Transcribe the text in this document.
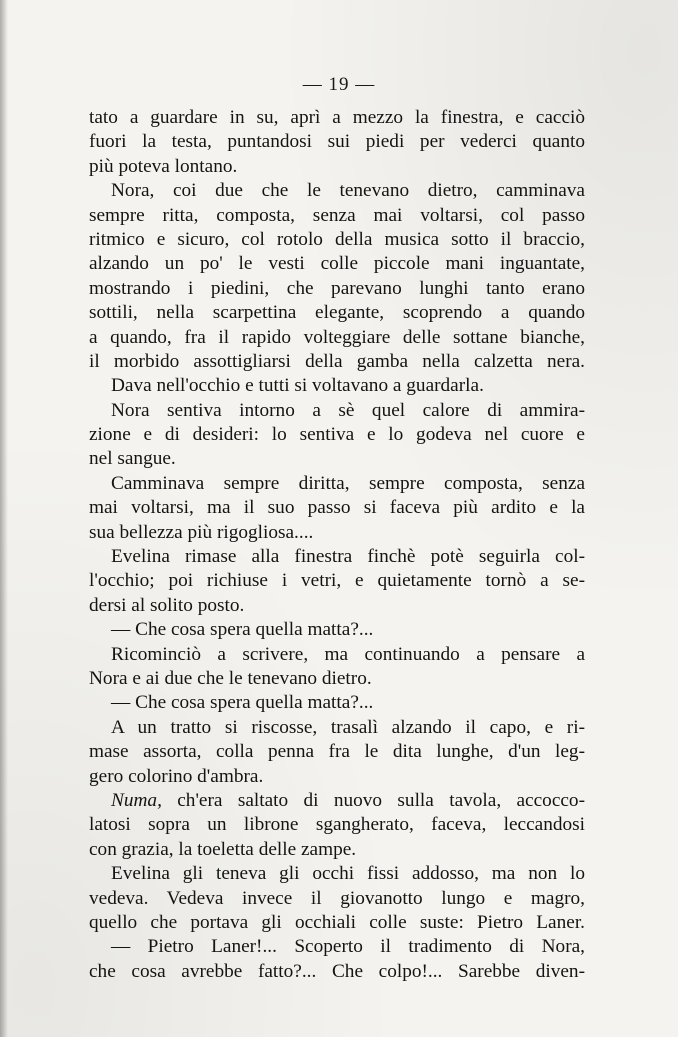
— 19 —
tato a guardare in su, aprì a mezzo la finestra, e cacciò
fuori la testa, puntandosi sui piedi per vederci quanto
più poteva lontano.
Nora, coi due che le tenevano dietro, camminava
sempre ritta, composta, senza mai voltarsi, col passo
ritmico e sicuro, col rotolo della musica sotto il braccio,
alzando un po' le vesti colle piccole mani inguantate,
mostrando i piedini, che parevano lunghi tanto erano
sottili, nella scarpettina elegante, scoprendo a quando
a quando, fra il rapido volteggiare delle sottane bianche,
il morbido assottigliarsi della gamba nella calzetta nera.
Dava nell'occhio e tutti si voltavano a guardarla.
Nora sentiva intorno a sè quel calore di ammira-
zione e di desideri: lo sentiva e lo godeva nel cuore e
nel sangue.
Camminava sempre diritta, sempre composta, senza
mai voltarsi, ma il suo passo si faceva più ardito e la
sua bellezza più rigogliosa....
Evelina rimase alla finestra finchè potè seguirla col-
l'occhio; poi richiuse i vetri, e quietamente tornò a se-
dersi al solito posto.
— Che cosa spera quella matta?...
Ricominciò a scrivere, ma continuando a pensare a
Nora e ai due che le tenevano dietro.
— Che cosa spera quella matta?...
A un tratto si riscosse, trasalì alzando il capo, e ri-
mase assorta, colla penna fra le dita lunghe, d'un leg-
gero colorino d'ambra.
Numa, ch'era saltato di nuovo sulla tavola, accocco-
latosi sopra un librone sgangherato, faceva, leccandosi
con grazia, la toeletta delle zampe.
Evelina gli teneva gli occhi fissi addosso, ma non lo
vedeva. Vedeva invece il giovanotto lungo e magro,
quello che portava gli occhiali colle suste: Pietro Laner.
— Pietro Laner!... Scoperto il tradimento di Nora,
che cosa avrebbe fatto?... Che colpo!... Sarebbe diven-
